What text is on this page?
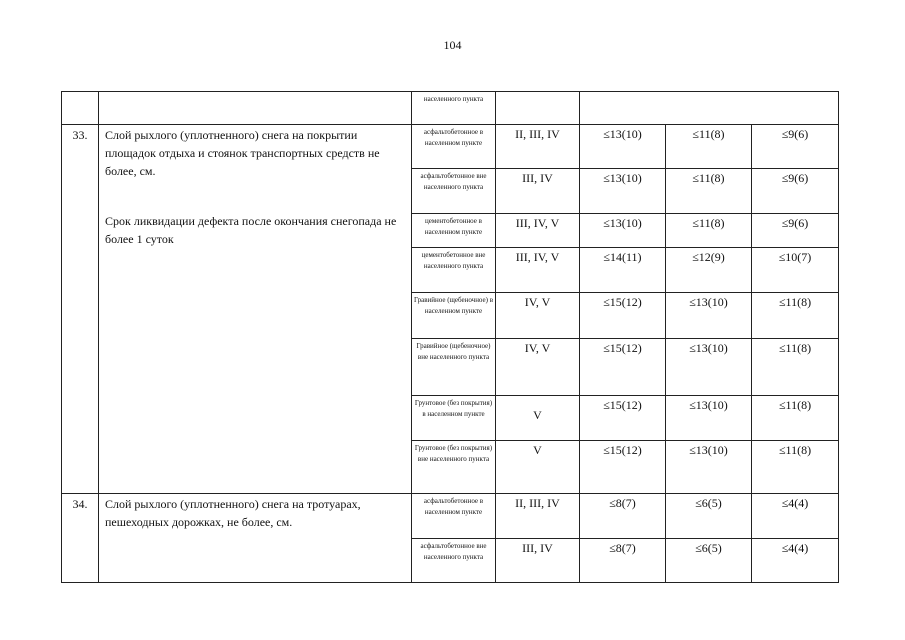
104
		населенного пункта				
33.	Слой рыхлого (уплотненного) снега на покрытии площадок отдыха и стоянок транспортных средств не более, см.

Срок ликвидации дефекта после окончания снегопада не более 1 суток	асфальтобетонное в населенном пункте	II, III, IV	≤13(10)	≤11(8)	≤9(6)
		асфальтобетонное вне населенного пункта	III, IV	≤13(10)	≤11(8)	≤9(6)
		цементобетонное в населенном пункте	III, IV, V	≤13(10)	≤11(8)	≤9(6)
		цементобетонное вне населенного пункта	III, IV, V	≤14(11)	≤12(9)	≤10(7)
		Гравийное (щебеночное) в населенном пункте	IV, V	≤15(12)	≤13(10)	≤11(8)
		Гравийное (щебеночное) вне населенного пункта	IV, V	≤15(12)	≤13(10)	≤11(8)
		Грунтовое (без покрытия) в населенном пункте	V	≤15(12)	≤13(10)	≤11(8)
		Грунтовое (без покрытия) вне населенного пункта	V	≤15(12)	≤13(10)	≤11(8)
34.	Слой рыхлого (уплотненного) снега на тротуарах, пешеходных дорожках, не более, см.	асфальтобетонное в населенном пункте	II, III, IV	≤8(7)	≤6(5)	≤4(4)
		асфальтобетонное вне населенного пункта	III, IV	≤8(7)	≤6(5)	≤4(4)
